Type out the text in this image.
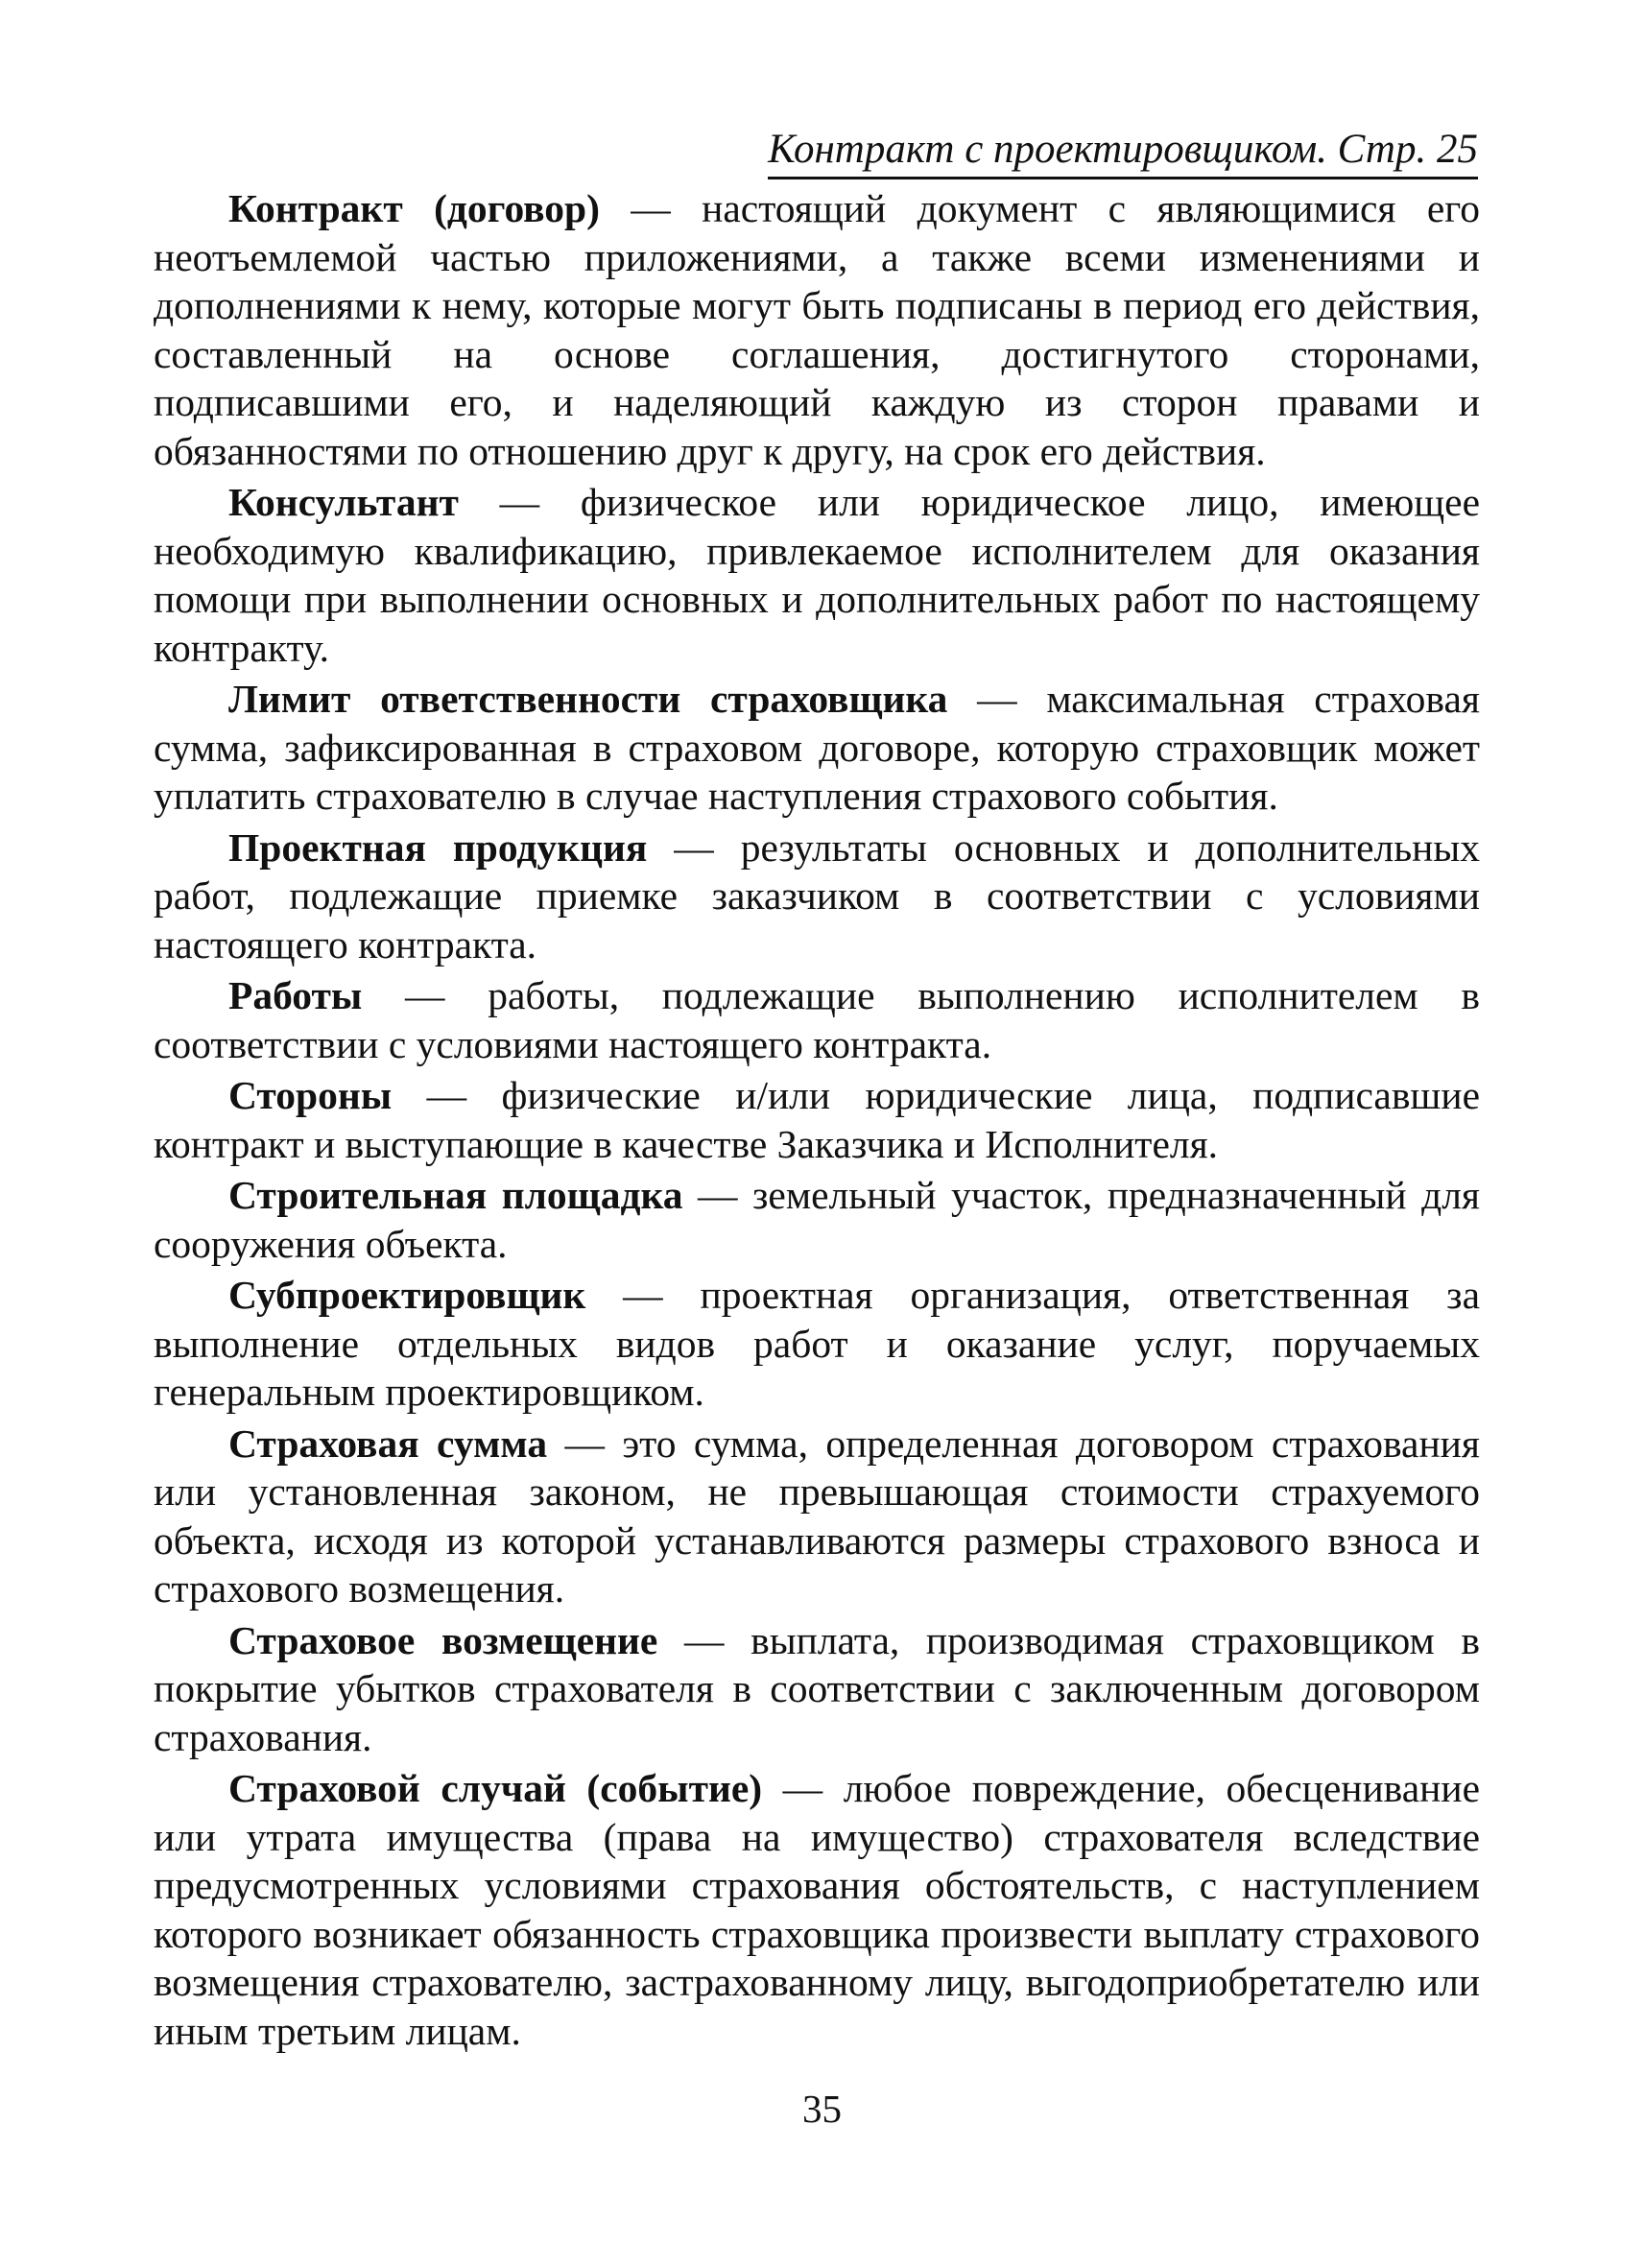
Контракт с проектировщиком. Стр. 25

Контракт (договор) — настоящий документ с являющимися его неотъемлемой частью приложениями, а также всеми изменениями и дополнениями к нему, которые могут быть подписаны в период его действия, составленный на основе соглашения, достигнутого сторонами, подписавшими его, и наделяющий каждую из сторон правами и обязанностями по отношению друг к другу, на срок его действия.

Консультант — физическое или юридическое лицо, имеющее необходимую квалификацию, привлекаемое исполнителем для оказания помощи при выполнении основных и дополнительных работ по настоящему контракту.

Лимит ответственности страховщика — максимальная страховая сумма, зафиксированная в страховом договоре, которую страховщик может уплатить страхователю в случае наступления страхового события.

Проектная продукция — результаты основных и дополнительных работ, подлежащие приемке заказчиком в соответствии с условиями настоящего контракта.

Работы — работы, подлежащие выполнению исполнителем в соответствии с условиями настоящего контракта.

Стороны — физические и/или юридические лица, подписавшие контракт и выступающие в качестве Заказчика и Исполнителя.

Строительная площадка — земельный участок, предназначенный для сооружения объекта.

Субпроектировщик — проектная организация, ответственная за выполнение отдельных видов работ и оказание услуг, поручаемых генеральным проектировщиком.

Страховая сумма — это сумма, определенная договором страхования или установленная законом, не превышающая стоимости страхуемого объекта, исходя из которой устанавливаются размеры страхового взноса и страхового возмещения.

Страховое возмещение — выплата, производимая страховщиком в покрытие убытков страхователя в соответствии с заключенным договором страхования.

Страховой случай (событие) — любое повреждение, обесценивание или утрата имущества (права на имущество) страхователя вследствие предусмотренных условиями страхования обстоятельств, с наступлением которого возникает обязанность страховщика произвести выплату страхового возмещения страхователю, застрахованному лицу, выгодоприобретателю или иным третьим лицам.

35
